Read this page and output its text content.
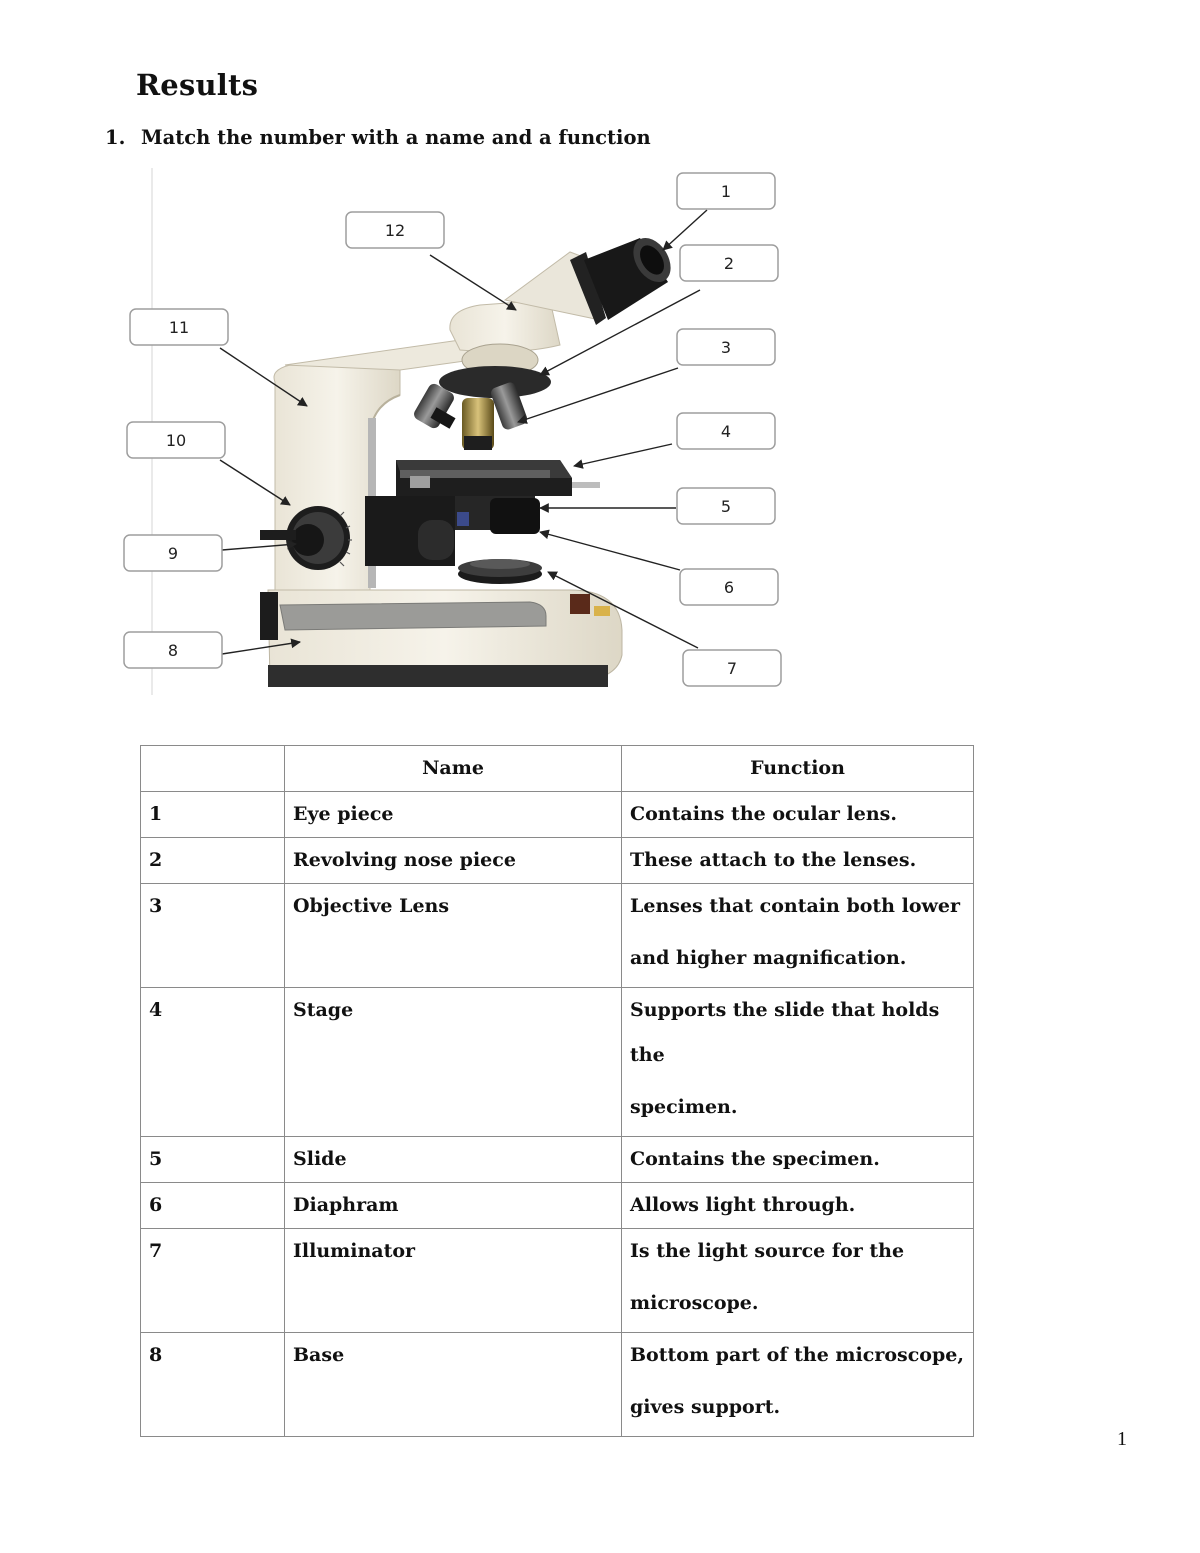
Results
1. Match the number with a name and a function
1
2
3
4
5
6
7
8
9
10
11
12
	Name	Function
1	Eye piece	Contains the ocular lens.
2	Revolving nose piece	These attach to the lenses.
3	Objective Lens	Lenses that contain both lower
and higher magnification.

4	Stage	Supports the slide that holds the
specimen.

5	Slide	Contains the specimen.
6	Diaphram	Allows light through.
7	Illuminator	Is the light source for the
microscope.

8	Base	Bottom part of the microscope,
gives support.
1
